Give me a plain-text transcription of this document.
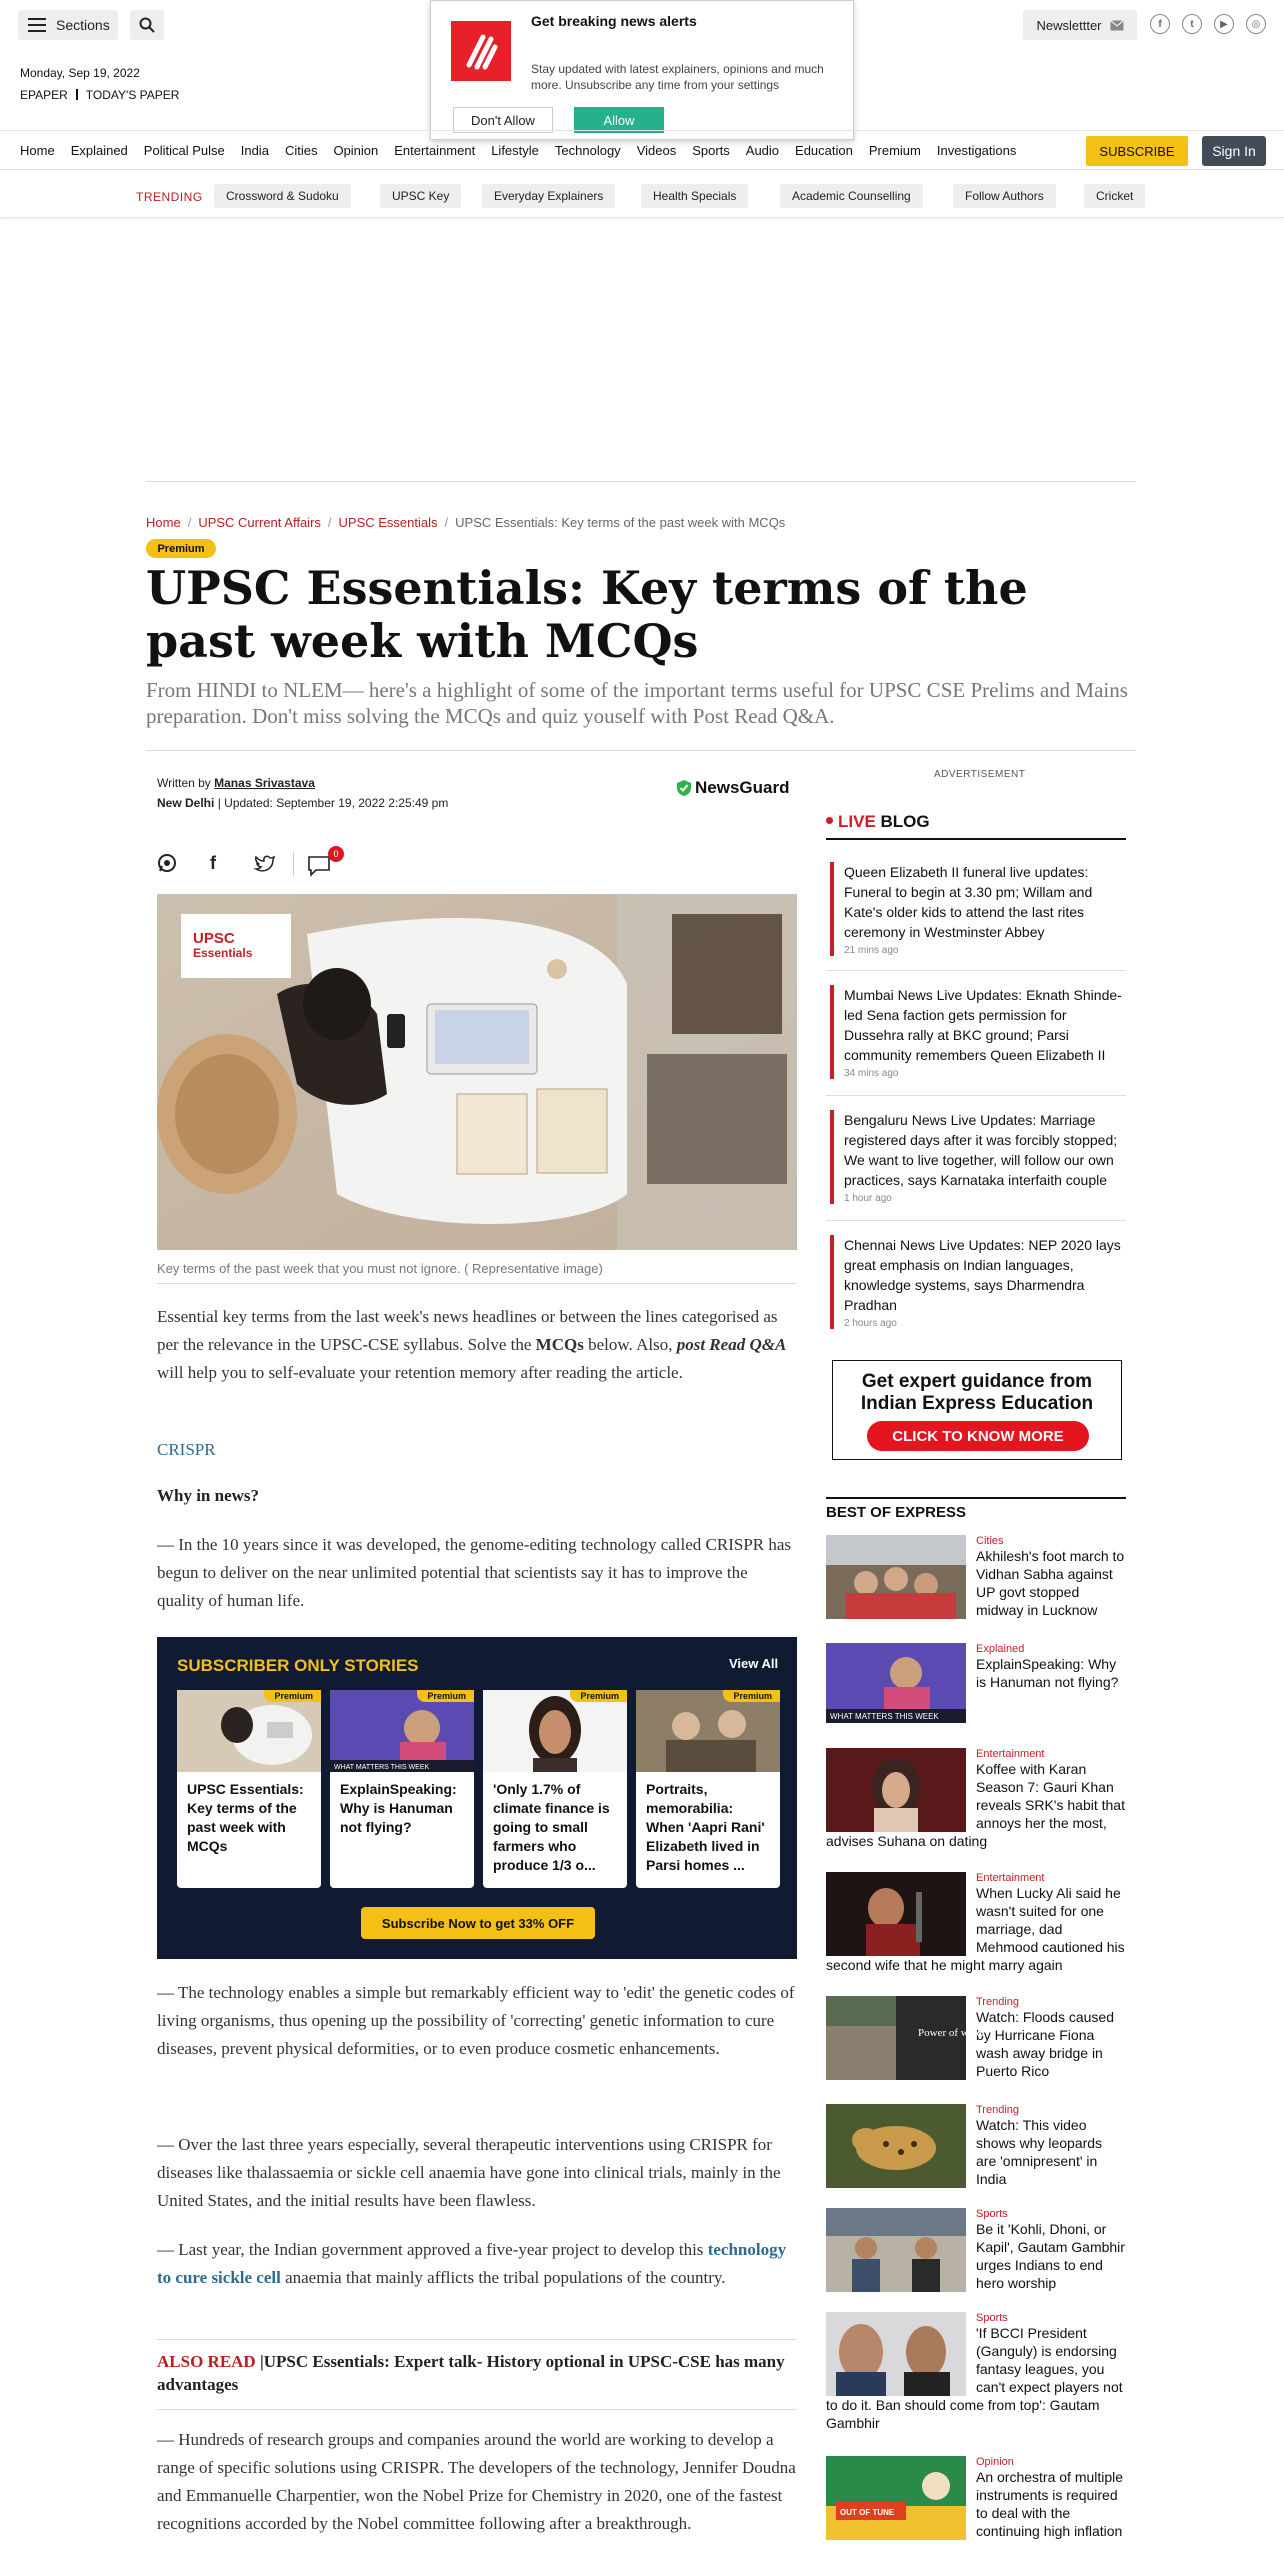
Sections
Monday, Sep 19, 2022
EPAPER TODAY'S PAPER
Newslettter	f	t	▶	◎
Get breaking news alerts
Stay updated with latest explainers, opinions and much more. Unsubscribe any time from your settings
Don't Allow	Allow
Home Explained Political Pulse India Cities Opinion Entertainment Lifestyle Technology Videos Sports Audio Education Premium Investigations	SUBSCRIBE	Sign In
TRENDING	Crossword & Sudoku	UPSC Key	Everyday Explainers	Health Specials	Academic Counselling	Follow Authors	Cricket
Home / UPSC Current Affairs / UPSC Essentials / UPSC Essentials: Key terms of the past week with MCQs
Premium
UPSC Essentials: Key terms of the past week with MCQs
From HINDI to NLEM— here's a highlight of some of the important terms useful for UPSC CSE Prelims and Mains preparation. Don't miss solving the MCQs and quiz youself with Post Read Q&A.
Written by Manas Srivastava
New Delhi | Updated: September 19, 2022 2:25:49 pm
NewsGuard
f	0
UPSC
Essentials
Key terms of the past week that you must not ignore. ( Representative image)

Essential key terms from the last week's news headlines or between the lines categorised as per the relevance in the UPSC-CSE syllabus. Solve the MCQs below. Also, post Read Q&A will help you to self-evaluate your retention memory after reading the article.

CRISPR
Why in news?

— In the 10 years since it was developed, the genome-editing technology called CRISPR has begun to deliver on the near unlimited potential that scientists say it has to improve the quality of human life.

SUBSCRIBER ONLY STORIES	View All
Premium
UPSC Essentials: Key terms of the past week with MCQs
WHAT MATTERS THIS WEEK
Premium
ExplainSpeaking: Why is Hanuman not flying?
Premium
'Only 1.7% of climate finance is going to small farmers who produce 1/3 o...
Premium
Portraits, memorabilia: When 'Aapri Rani' Elizabeth lived in Parsi homes ...
Subscribe Now to get 33% OFF

— The technology enables a simple but remarkably efficient way to 'edit' the genetic codes of living organisms, thus opening up the possibility of 'correcting' genetic information to cure diseases, prevent physical deformities, or to even produce cosmetic enhancements.

— Over the last three years especially, several therapeutic interventions using CRISPR for diseases like thalassaemia or sickle cell anaemia have gone into clinical trials, mainly in the United States, and the initial results have been flawless.

— Last year, the Indian government approved a five-year project to develop this technology to cure sickle cell anaemia that mainly afflicts the tribal populations of the country.

ALSO READ |UPSC Essentials: Expert talk- History optional in UPSC-CSE has many advantages

— Hundreds of research groups and companies around the world are working to develop a range of specific solutions using CRISPR. The developers of the technology, Jennifer Doudna and Emmanuelle Charpentier, won the Nobel Prize for Chemistry in 2020, one of the fastest recognitions accorded by the Nobel committee following after a breakthrough.

ADVERTISEMENT
LIVE BLOG
Queen Elizabeth II funeral live updates: Funeral to begin at 3.30 pm; Willam and Kate's older kids to attend the last rites ceremony in Westminster Abbey
21 mins ago
Mumbai News Live Updates: Eknath Shinde-led Sena faction gets permission for Dussehra rally at BKC ground; Parsi community remembers Queen Elizabeth II
34 mins ago
Bengaluru News Live Updates: Marriage registered days after it was forcibly stopped; We want to live together, will follow our own practices, says Karnataka interfaith couple
1 hour ago
Chennai News Live Updates: NEP 2020 lays great emphasis on Indian languages, knowledge systems, says Dharmendra Pradhan
2 hours ago
Get expert guidance from Indian Express Education
CLICK TO KNOW MORE
BEST OF EXPRESS
Cities
Akhilesh's foot march to Vidhan Sabha against UP govt stopped midway in Lucknow
WHAT MATTERS THIS WEEK
Explained
ExplainSpeaking: Why is Hanuman not flying?
Entertainment
Koffee with Karan Season 7: Gauri Khan reveals SRK's habit that annoys her the most, advises Suhana on dating
Entertainment
When Lucky Ali said he wasn't suited for one marriage, dad Mehmood cautioned his second wife that he might marry again
Power of water
Trending
Watch: Floods caused by Hurricane Fiona wash away bridge in Puerto Rico
Trending
Watch: This video shows why leopards are 'omnipresent' in India
Sports
Be it 'Kohli, Dhoni, or Kapil', Gautam Gambhir urges Indians to end hero worship
Sports
'If BCCI President (Ganguly) is endorsing fantasy leagues, you can't expect players not to do it. Ban should come from top': Gautam Gambhir
OUT OF TUNE
Opinion
An orchestra of multiple instruments is required to deal with the continuing high inflation
